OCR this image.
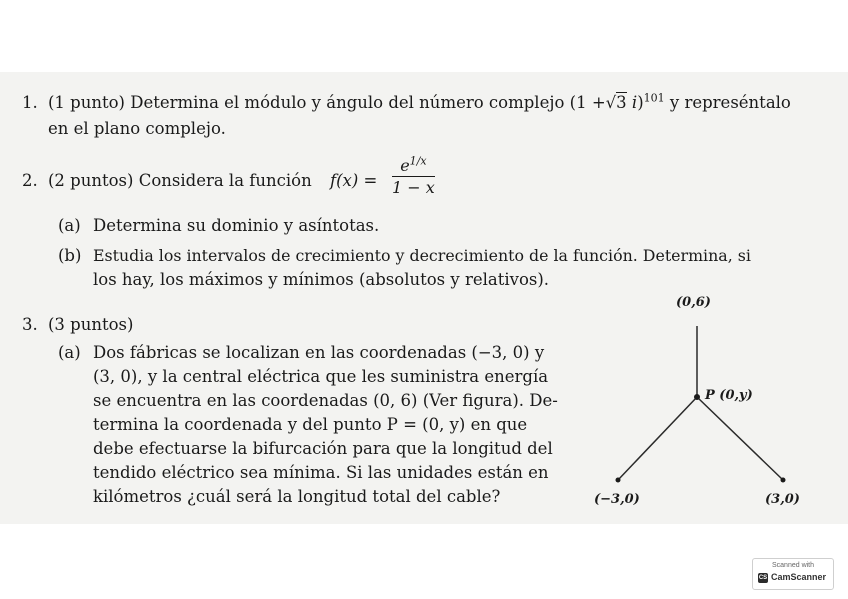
1. (1 punto) Determina el módulo y ángulo del número complejo (1 +√3 i)$^{101}$ y represéntalo
en el plano complejo.
2. (2 puntos) Considera la función $f(x) = \frac{e^{1/x}}{1 - x}$
(a) Determina su dominio y asíntotas.
(b) Estudia los intervalos de crecimiento y decrecimiento de la función. Determina, si
los hay, los máximos y mínimos (absolutos y relativos).
3. (3 puntos)
(a) Dos fábricas se localizan en las coordenadas (−3, 0) y
(3, 0), y la central eléctrica que les suministra energía
se encuentra en las coordenadas (0, 6) (Ver figura). De-
termina la coordenada y del punto P = (0, y) en que
debe efectuarse la bifurcación para que la longitud del
tendido eléctrico sea mínima. Si las unidades están en
kilómetros ¿cuál será la longitud total del cable?
(0,6)
P (0,y)
(−3,0)	(3,0)
Scanned with
CS CamScanner
